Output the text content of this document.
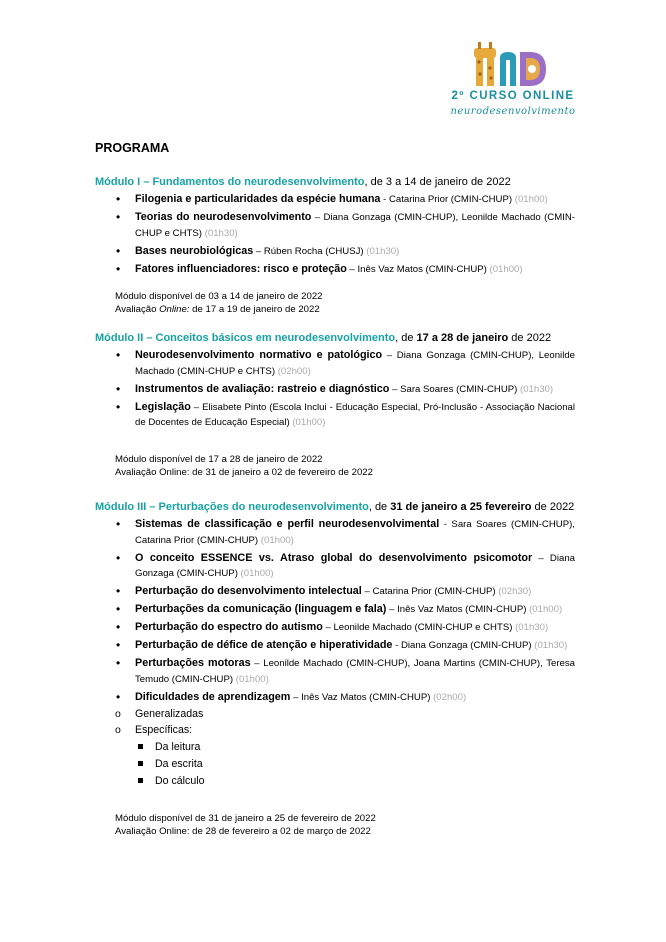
2º CURSO ONLINE
neurodesenvolvimento
PROGRAMA
Módulo I – Fundamentos do neurodesenvolvimento, de 3 a 14 de janeiro de 2022
• Filogenia e particularidades da espécie humana - Catarina Prior (CMIN-CHUP) (01h00)
• Teorias do neurodesenvolvimento – Diana Gonzaga (CMIN-CHUP), Leonilde Machado (CMIN-CHUP e CHTS) (01h30)
• Bases neurobiológicas – Rúben Rocha (CHUSJ) (01h30)
• Fatores influenciadores: risco e proteção – Inês Vaz Matos (CMIN-CHUP) (01h00)
Módulo disponível de 03 a 14 de janeiro de 2022
Avaliação Online: de 17 a 19 de janeiro de 2022
Módulo II – Conceitos básicos em neurodesenvolvimento, de 17 a 28 de janeiro de 2022
• Neurodesenvolvimento normativo e patológico – Diana Gonzaga (CMIN-CHUP), Leonilde Machado (CMIN-CHUP e CHTS) (02h00)
• Instrumentos de avaliação: rastreio e diagnóstico – Sara Soares (CMIN-CHUP) (01h30)
• Legislação – Elisabete Pinto (Escola Inclui - Educação Especial, Pró-Inclusão - Associação Nacional de Docentes de Educação Especial) (01h00)
Módulo disponível de 17 a 28 de janeiro de 2022
Avaliação Online: de 31 de janeiro a 02 de fevereiro de 2022
Módulo III – Perturbações do neurodesenvolvimento, de 31 de janeiro a 25 fevereiro de 2022
• Sistemas de classificação e perfil neurodesenvolvimental - Sara Soares (CMIN-CHUP), Catarina Prior (CMIN-CHUP) (01h00)
• O conceito ESSENCE vs. Atraso global do desenvolvimento psicomotor – Diana Gonzaga (CMIN-CHUP) (01h00)
• Perturbação do desenvolvimento intelectual – Catarina Prior (CMIN-CHUP) (02h30)
• Perturbações da comunicação (linguagem e fala) – Inês Vaz Matos (CMIN-CHUP) (01h00)
• Perturbação do espectro do autismo – Leonilde Machado (CMIN-CHUP e CHTS) (01h30)
• Perturbação de défice de atenção e hiperatividade - Diana Gonzaga (CMIN-CHUP) (01h30)
• Perturbações motoras – Leonilde Machado (CMIN-CHUP), Joana Martins (CMIN-CHUP), Teresa Temudo (CMIN-CHUP) (01h00)
• Dificuldades de aprendizagem – Inês Vaz Matos (CMIN-CHUP) (02h00)
o Generalizadas
o Específicas:
Da leitura
Da escrita
Do cálculo
Módulo disponível de 31 de janeiro a 25 de fevereiro de 2022
Avaliação Online: de 28 de fevereiro a 02 de março de 2022
